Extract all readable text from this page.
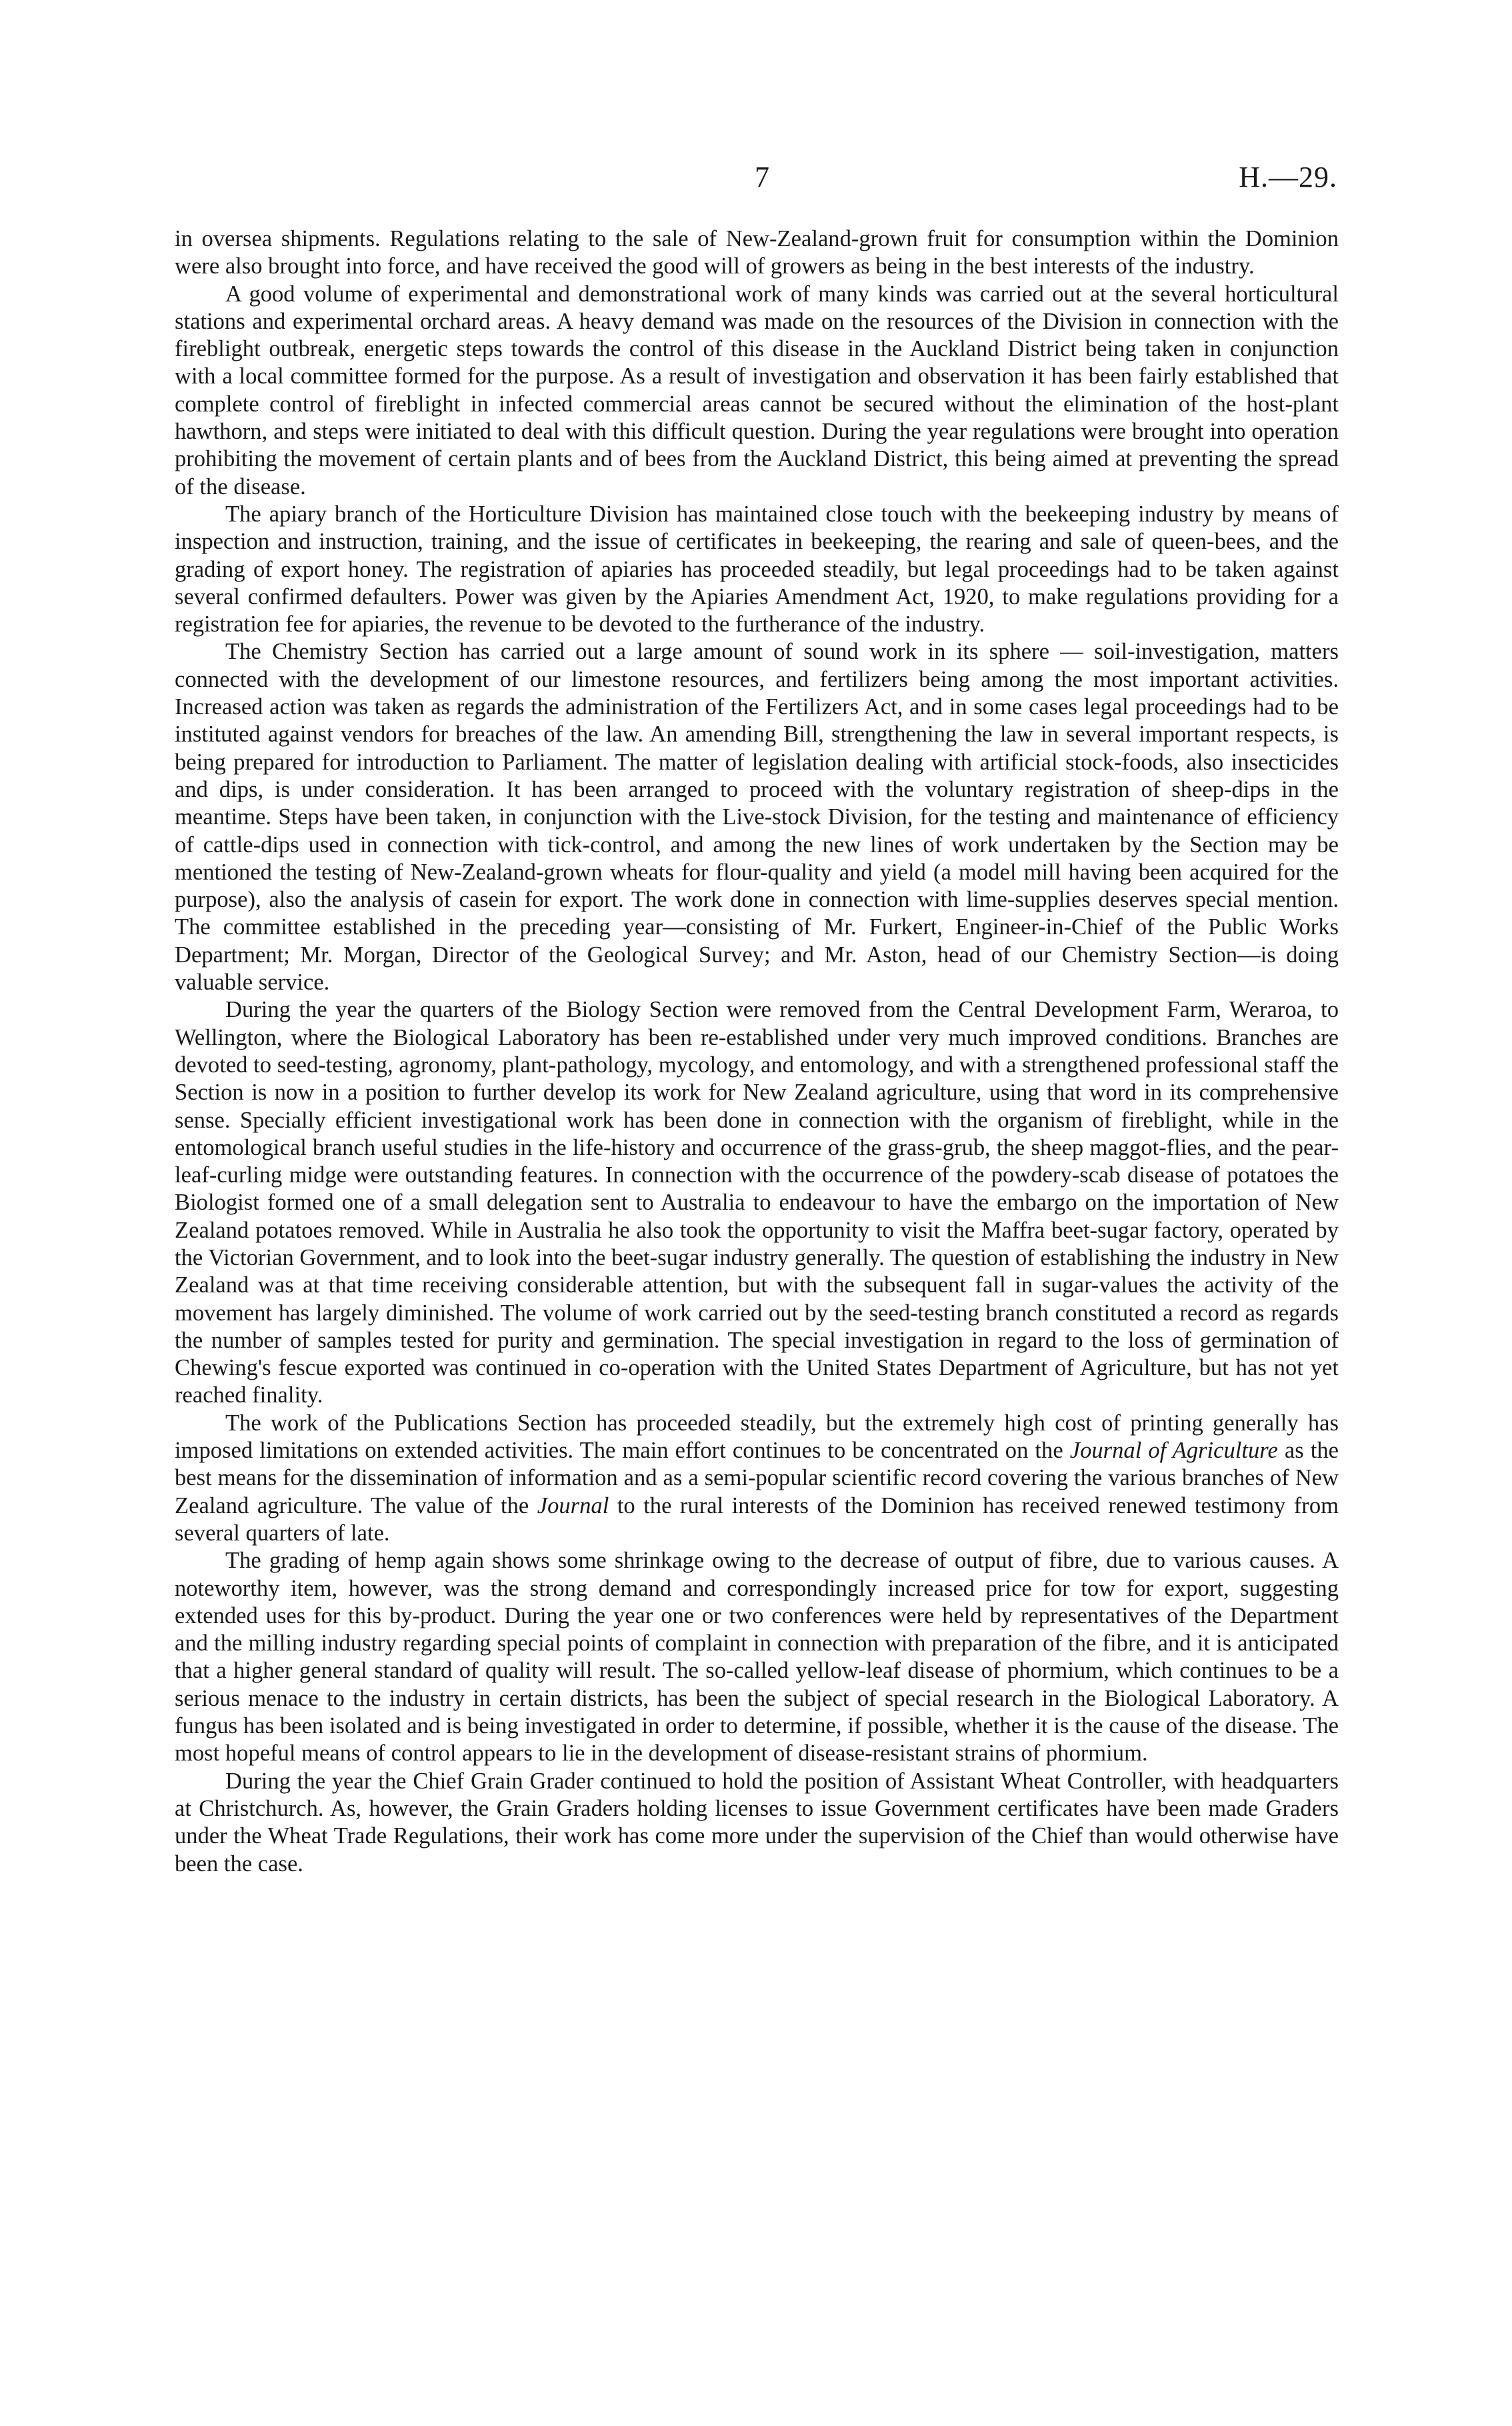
7	H.—29.

in oversea shipments. Regulations relating to the sale of New-Zealand-grown fruit for consumption within the Dominion were also brought into force, and have received the good will of growers as being in the best interests of the industry.

A good volume of experimental and demonstrational work of many kinds was carried out at the several horticultural stations and experimental orchard areas. A heavy demand was made on the resources of the Division in connection with the fireblight outbreak, energetic steps towards the control of this disease in the Auckland District being taken in conjunction with a local committee formed for the purpose. As a result of investigation and observation it has been fairly established that complete control of fireblight in infected commercial areas cannot be secured without the elimination of the host-plant hawthorn, and steps were initiated to deal with this difficult question. During the year regulations were brought into operation prohibiting the movement of certain plants and of bees from the Auckland District, this being aimed at preventing the spread of the disease.

The apiary branch of the Horticulture Division has maintained close touch with the beekeeping industry by means of inspection and instruction, training, and the issue of certificates in beekeeping, the rearing and sale of queen-bees, and the grading of export honey. The registration of apiaries has proceeded steadily, but legal proceedings had to be taken against several confirmed defaulters. Power was given by the Apiaries Amendment Act, 1920, to make regulations providing for a registration fee for apiaries, the revenue to be devoted to the furtherance of the industry.

The Chemistry Section has carried out a large amount of sound work in its sphere — soil-investigation, matters connected with the development of our limestone resources, and fertilizers being among the most important activities. Increased action was taken as regards the administration of the Fertilizers Act, and in some cases legal proceedings had to be instituted against vendors for breaches of the law. An amending Bill, strengthening the law in several important respects, is being prepared for introduction to Parliament. The matter of legislation dealing with artificial stock-foods, also insecticides and dips, is under consideration. It has been arranged to proceed with the voluntary registration of sheep-dips in the meantime. Steps have been taken, in conjunction with the Live-stock Division, for the testing and maintenance of efficiency of cattle-dips used in connection with tick-control, and among the new lines of work undertaken by the Section may be mentioned the testing of New-Zealand-grown wheats for flour-quality and yield (a model mill having been acquired for the purpose), also the analysis of casein for export. The work done in connection with lime-supplies deserves special mention. The committee established in the preceding year—consisting of Mr. Furkert, Engineer-in-Chief of the Public Works Department; Mr. Morgan, Director of the Geological Survey; and Mr. Aston, head of our Chemistry Section—is doing valuable service.

During the year the quarters of the Biology Section were removed from the Central Development Farm, Weraroa, to Wellington, where the Biological Laboratory has been re-established under very much improved conditions. Branches are devoted to seed-testing, agronomy, plant-pathology, mycology, and entomology, and with a strengthened professional staff the Section is now in a position to further develop its work for New Zealand agriculture, using that word in its comprehensive sense. Specially efficient investigational work has been done in connection with the organism of fireblight, while in the entomological branch useful studies in the life-history and occurrence of the grass-grub, the sheep maggot-flies, and the pear-leaf-curling midge were outstanding features. In connection with the occurrence of the powdery-scab disease of potatoes the Biologist formed one of a small delegation sent to Australia to endeavour to have the embargo on the importation of New Zealand potatoes removed. While in Australia he also took the opportunity to visit the Maffra beet-sugar factory, operated by the Victorian Government, and to look into the beet-sugar industry generally. The question of establishing the industry in New Zealand was at that time receiving considerable attention, but with the subsequent fall in sugar-values the activity of the movement has largely diminished. The volume of work carried out by the seed-testing branch constituted a record as regards the number of samples tested for purity and germination. The special investigation in regard to the loss of germination of Chewing's fescue exported was continued in co-operation with the United States Department of Agriculture, but has not yet reached finality.

The work of the Publications Section has proceeded steadily, but the extremely high cost of printing generally has imposed limitations on extended activities. The main effort continues to be concentrated on the Journal of Agriculture as the best means for the dissemination of information and as a semi-popular scientific record covering the various branches of New Zealand agriculture. The value of the Journal to the rural interests of the Dominion has received renewed testimony from several quarters of late.

The grading of hemp again shows some shrinkage owing to the decrease of output of fibre, due to various causes. A noteworthy item, however, was the strong demand and correspondingly increased price for tow for export, suggesting extended uses for this by-product. During the year one or two conferences were held by representatives of the Department and the milling industry regarding special points of complaint in connection with preparation of the fibre, and it is anticipated that a higher general standard of quality will result. The so-called yellow-leaf disease of phormium, which continues to be a serious menace to the industry in certain districts, has been the subject of special research in the Biological Laboratory. A fungus has been isolated and is being investigated in order to determine, if possible, whether it is the cause of the disease. The most hopeful means of control appears to lie in the development of disease-resistant strains of phormium.

During the year the Chief Grain Grader continued to hold the position of Assistant Wheat Controller, with headquarters at Christchurch. As, however, the Grain Graders holding licenses to issue Government certificates have been made Graders under the Wheat Trade Regulations, their work has come more under the supervision of the Chief than would otherwise have been the case.
